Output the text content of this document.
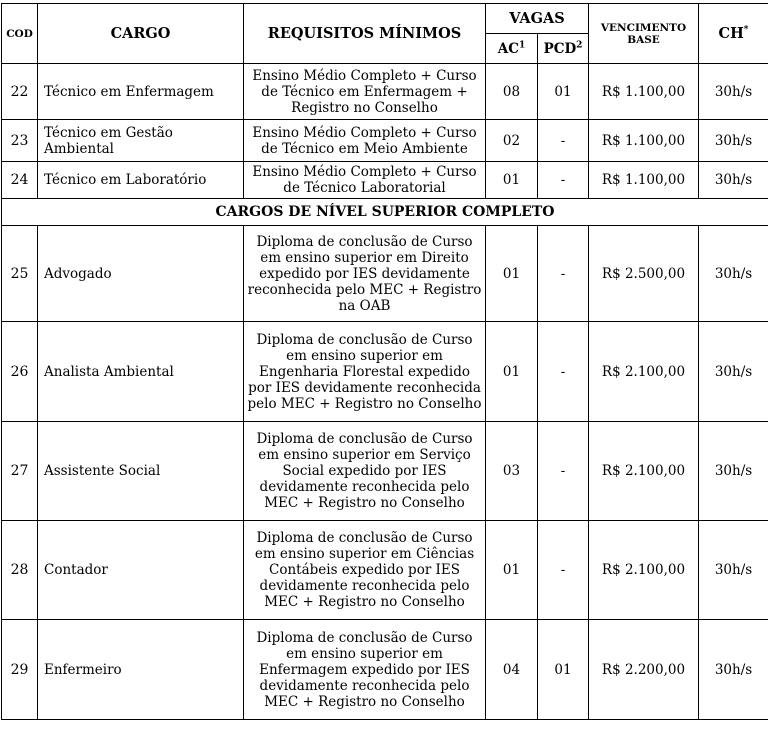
COD	CARGO	REQUISITOS MÍNIMOS	VAGAS		VENCIMENTO BASE	CH*
			$AC^1$	PCD$^2$
22	Técnico em Enfermagem	Ensino Médio Completo + Curso de Técnico em Enfermagem + Registro no Conselho	08	01	R$ 1.100,00	30h/s
23	Técnico em Gestão Ambiental	Ensino Médio Completo + Curso de Técnico em Meio Ambiente	02	-	R$ 1.100,00	30h/s
24	Técnico em Laboratório	Ensino Médio Completo + Curso de Técnico Laboratorial	01	-	R$ 1.100,00	30h/s
CARGOS DE NÍVEL SUPERIOR COMPLETO						
25	Advogado	Diploma de conclusão de Curso em ensino superior em Direito expedido por IES devidamente reconhecida pelo MEC + Registro na OAB	01	-	R$ 2.500,00	30h/s
26	Analista Ambiental	Diploma de conclusão de Curso em ensino superior em Engenharia Florestal expedido por IES devidamente reconhecida pelo MEC + Registro no Conselho	01	-	R$ 2.100,00	30h/s
27	Assistente Social	Diploma de conclusão de Curso em ensino superior em Serviço Social expedido por IES devidamente reconhecida pelo MEC + Registro no Conselho	03	-	R$ 2.100,00	30h/s
28	Contador	Diploma de conclusão de Curso em ensino superior em Ciências Contábeis expedido por IES devidamente reconhecida pelo MEC + Registro no Conselho	01	-	R$ 2.100,00	30h/s
29	Enfermeiro	Diploma de conclusão de Curso em ensino superior em Enfermagem expedido por IES devidamente reconhecida pelo MEC + Registro no Conselho	04	01	R$ 2.200,00	30h/s
